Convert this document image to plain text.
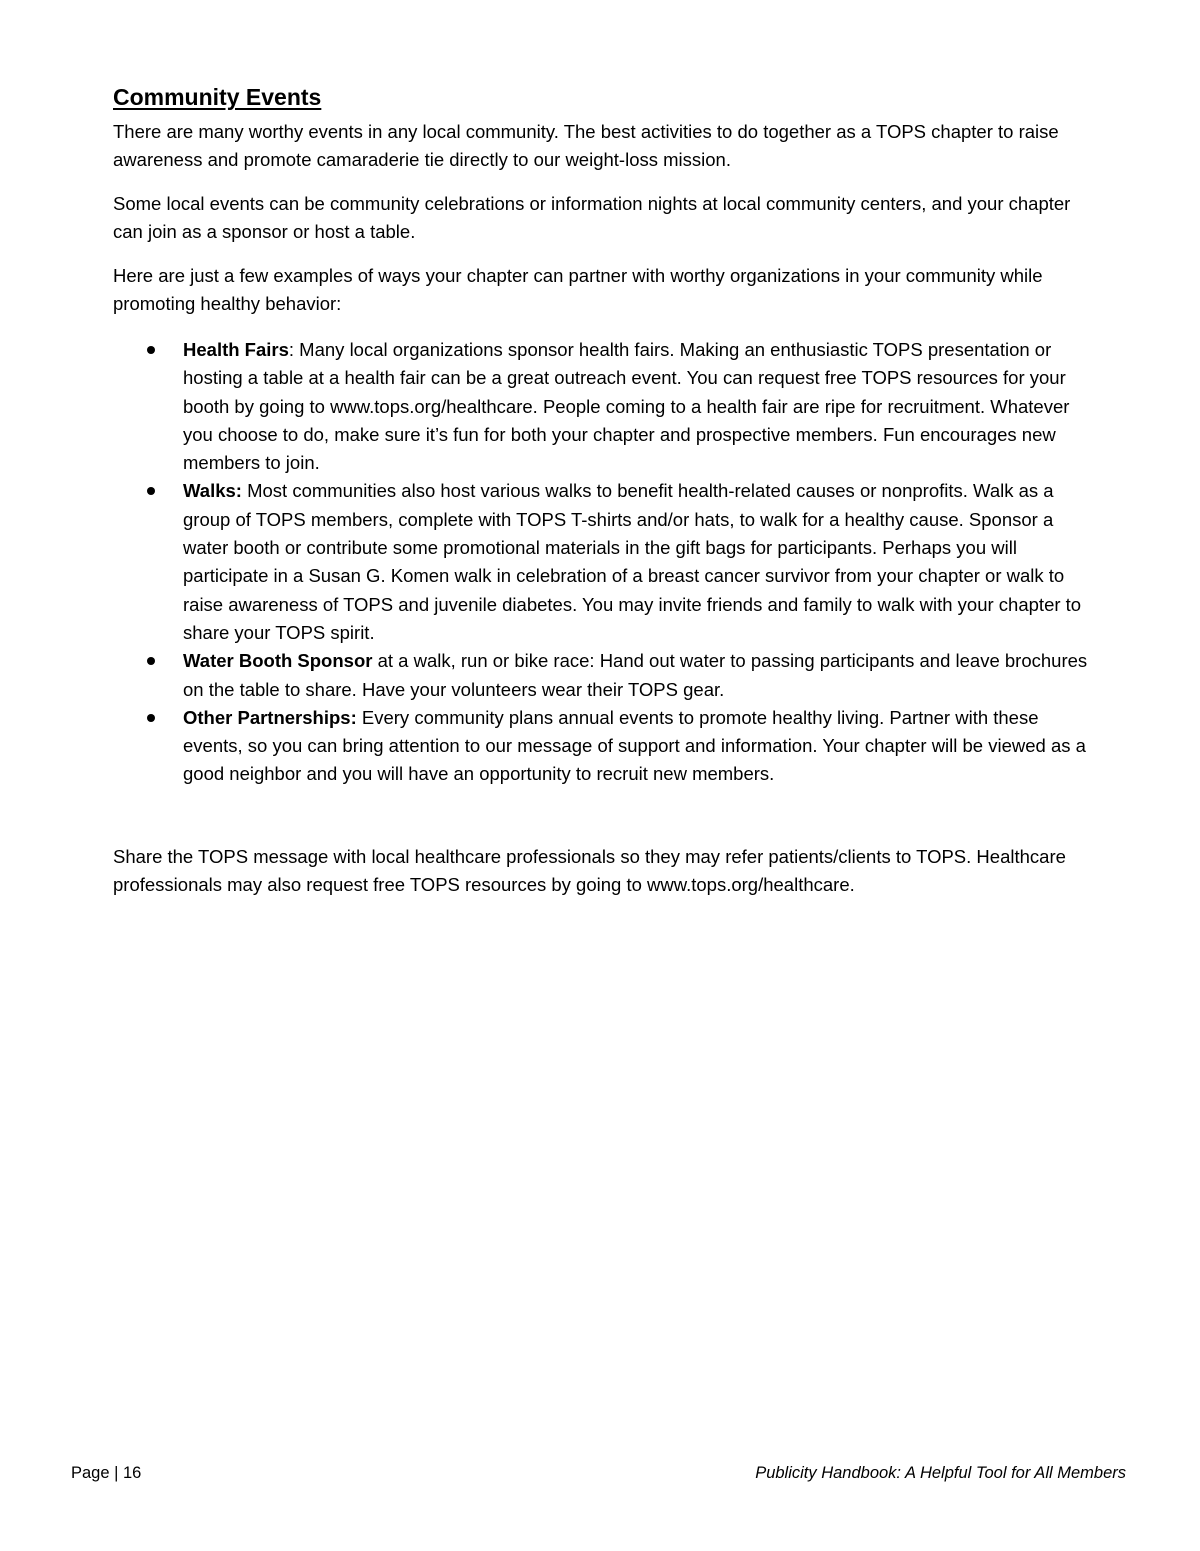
Community Events

There are many worthy events in any local community. The best activities to do together as a TOPS chapter to raise awareness and promote camaraderie tie directly to our weight-loss mission.

Some local events can be community celebrations or information nights at local community centers, and your chapter can join as a sponsor or host a table.

Here are just a few examples of ways your chapter can partner with worthy organizations in your community while promoting healthy behavior:

Health Fairs: Many local organizations sponsor health fairs. Making an enthusiastic TOPS presentation or hosting a table at a health fair can be a great outreach event. You can request free TOPS resources for your booth by going to www.tops.org/healthcare. People coming to a health fair are ripe for recruitment. Whatever you choose to do, make sure it’s fun for both your chapter and prospective members. Fun encourages new members to join.
Walks: Most communities also host various walks to benefit health-related causes or nonprofits. Walk as a group of TOPS members, complete with TOPS T-shirts and/or hats, to walk for a healthy cause. Sponsor a water booth or contribute some promotional materials in the gift bags for participants. Perhaps you will participate in a Susan G. Komen walk in celebration of a breast cancer survivor from your chapter or walk to raise awareness of TOPS and juvenile diabetes. You may invite friends and family to walk with your chapter to share your TOPS spirit.
Water Booth Sponsor at a walk, run or bike race: Hand out water to passing participants and leave brochures on the table to share. Have your volunteers wear their TOPS gear.
Other Partnerships: Every community plans annual events to promote healthy living. Partner with these events, so you can bring attention to our message of support and information. Your chapter will be viewed as a good neighbor and you will have an opportunity to recruit new members.

Share the TOPS message with local healthcare professionals so they may refer patients/clients to TOPS. Healthcare professionals may also request free TOPS resources by going to www.tops.org/healthcare.

Page | 16	Publicity Handbook: A Helpful Tool for All Members
